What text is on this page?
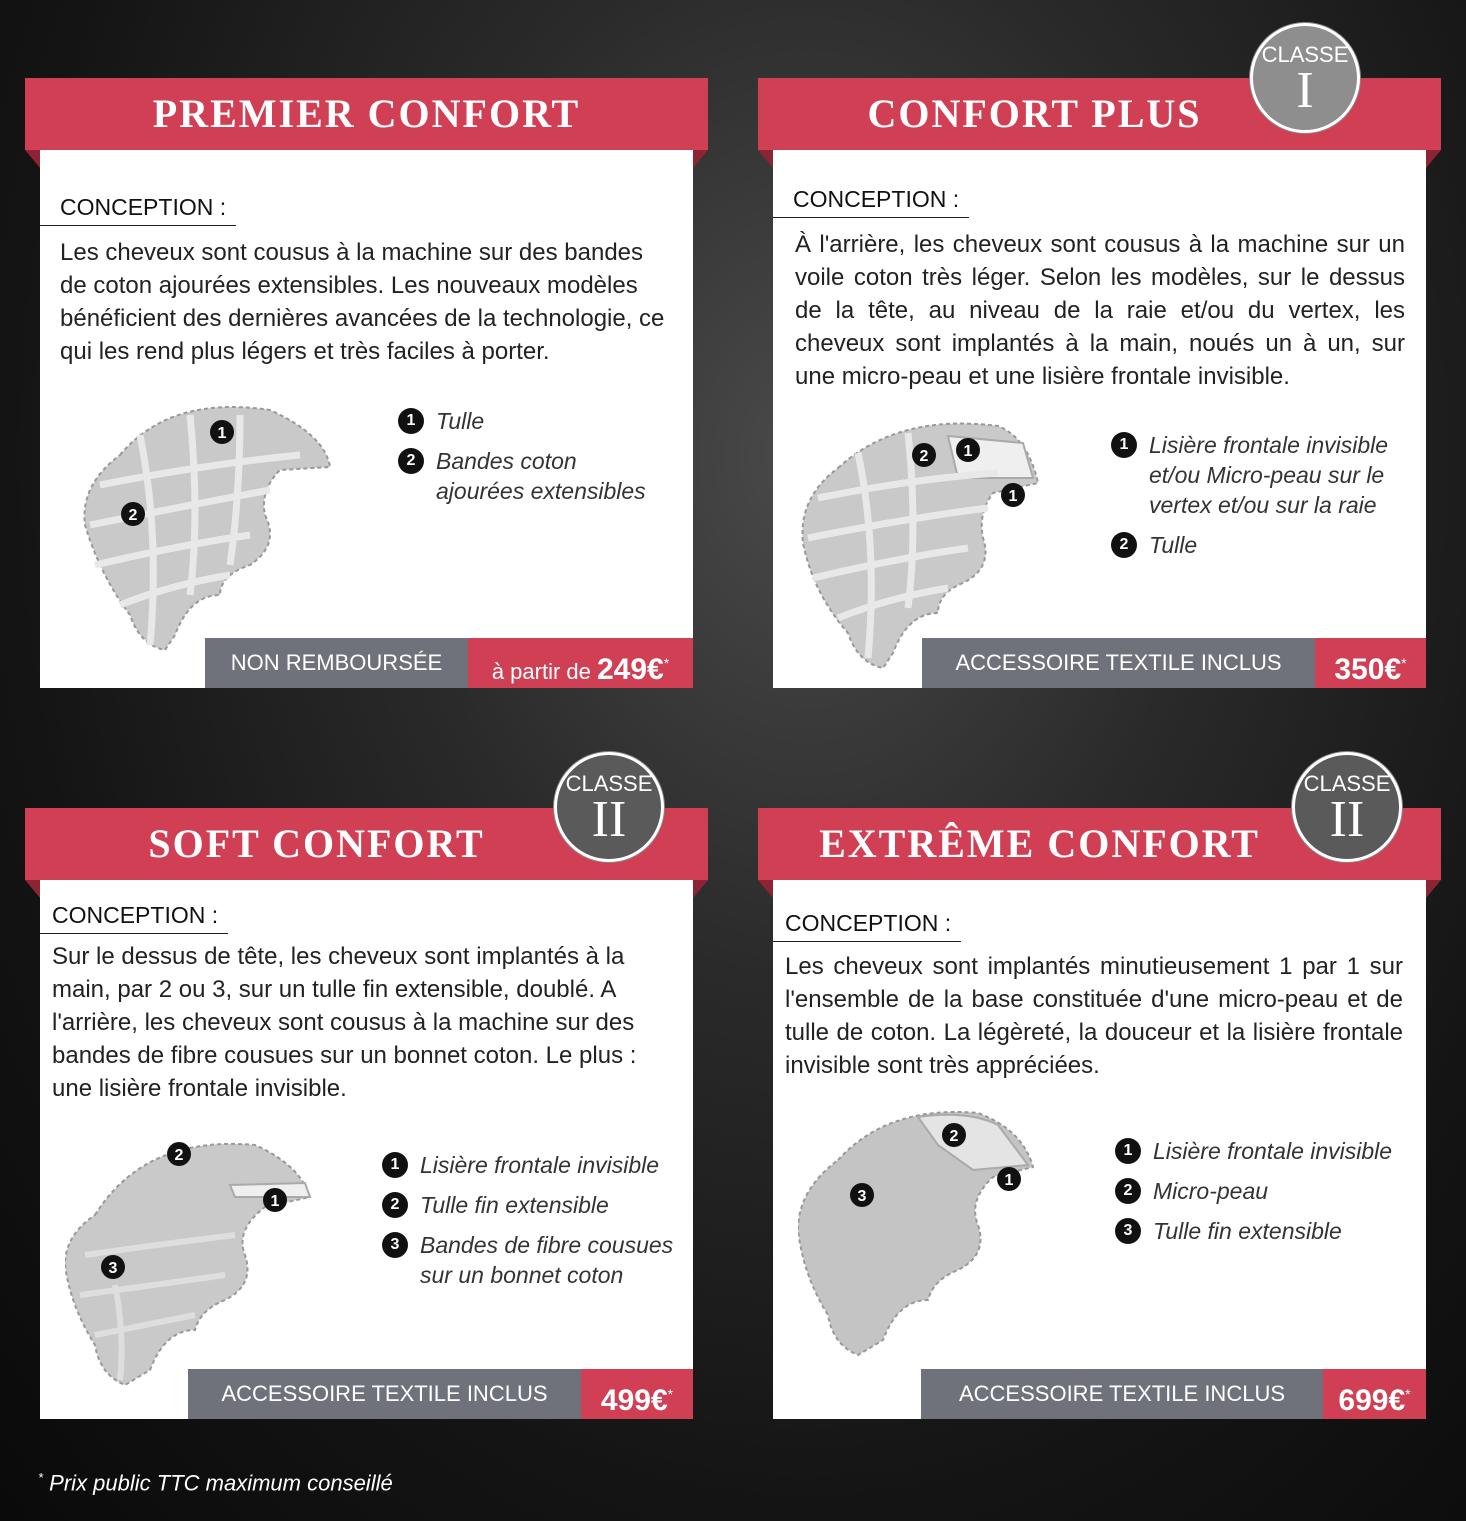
CONCEPTION :
Les cheveux sont cousus à la machine sur des bandes de coton ajourées extensibles. Les nouveaux modèles bénéficient des dernières avancées de la technologie, ce qui les rend plus légers et très faciles à porter.
1
2
1 Tulle
2 Bandes coton ajourées extensibles
NON REMBOURSÉE	à partir de 249€*
PREMIER CONFORT
CONCEPTION :
À l'arrière, les cheveux sont cousus à la machine sur un voile coton très léger. Selon les modèles, sur le dessus de la tête, au niveau de la raie et/ou du vertex, les cheveux sont implantés à la main, noués un à un, sur une micro-peau et une lisière frontale invisible.
2 1
1
1 Lisière frontale invisible et/ou Micro-peau sur le vertex et/ou sur la raie
2 Tulle
ACCESSOIRE TEXTILE INCLUS	350€*
CONFORT PLUS
CLASSE
I
CONCEPTION :
Sur le dessus de tête, les cheveux sont implantés à la main, par 2 ou 3, sur un tulle fin extensible, doublé. A l'arrière, les cheveux sont cousus à la machine sur des bandes de fibre cousues sur un bonnet coton. Le plus : une lisière frontale invisible.
2
1
3
1 Lisière frontale invisible
2 Tulle fin extensible
3 Bandes de fibre cousues sur un bonnet coton
ACCESSOIRE TEXTILE INCLUS	499€*
SOFT CONFORT
CLASSE
II
CONCEPTION :
Les cheveux sont implantés minutieusement 1 par 1 sur l'ensemble de la base constituée d'une micro-peau et de tulle de coton. La légèreté, la douceur et la lisière frontale invisible sont très appréciées.
2
1
3
1 Lisière frontale invisible
2 Micro-peau
3 Tulle fin extensible
ACCESSOIRE TEXTILE INCLUS	699€*
EXTRÊME CONFORT
CLASSE
II
* Prix public TTC maximum conseillé
